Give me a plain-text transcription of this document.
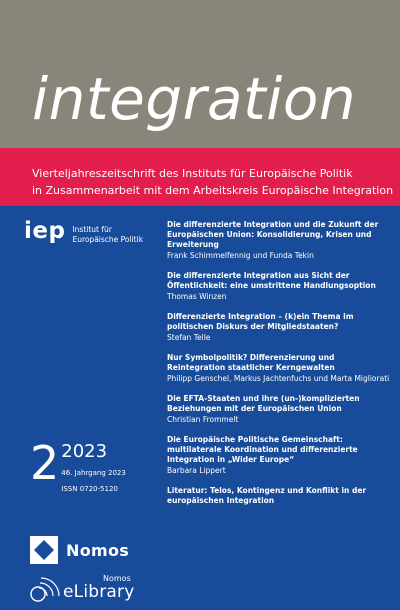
integration
Vierteljahreszeitschrift des Instituts für Europäische Politik
in Zusammenarbeit mit dem Arbeitskreis Europäische Integration
iep Institut für
Europäische Politik
2 2023
46. Jahrgang 2023
ISSN 0720-5120
Nomos
Nomos
eLibrary
Die differenzierte Integration und die Zukunft der Europäischen Union: Konsolidierung, Krisen und Erweiterung
Frank Schimmelfennig und Funda Tekin
Die differenzierte Integration aus Sicht der Öffentlichkeit: eine umstrittene Handlungsoption
Thomas Winzen
Differenzierte Integration – (k)ein Thema im politischen Diskurs der Mitgliedstaaten?
Stefan Telle
Nur Symbolpolitik? Differenzierung und Reintegration staatlicher Kerngewalten
Philipp Genschel, Markus Jachtenfuchs und Marta Migliorati
Die EFTA-Staaten und ihre (un-)komplizierten Beziehungen mit der Europäischen Union
Christian Frommelt
Die Europäische Politische Gemeinschaft: multilaterale Koordination und differenzierte Integration in „Wider Europe“
Barbara Lippert
Literatur: Telos, Kontingenz und Konflikt in der europäischen Integration
